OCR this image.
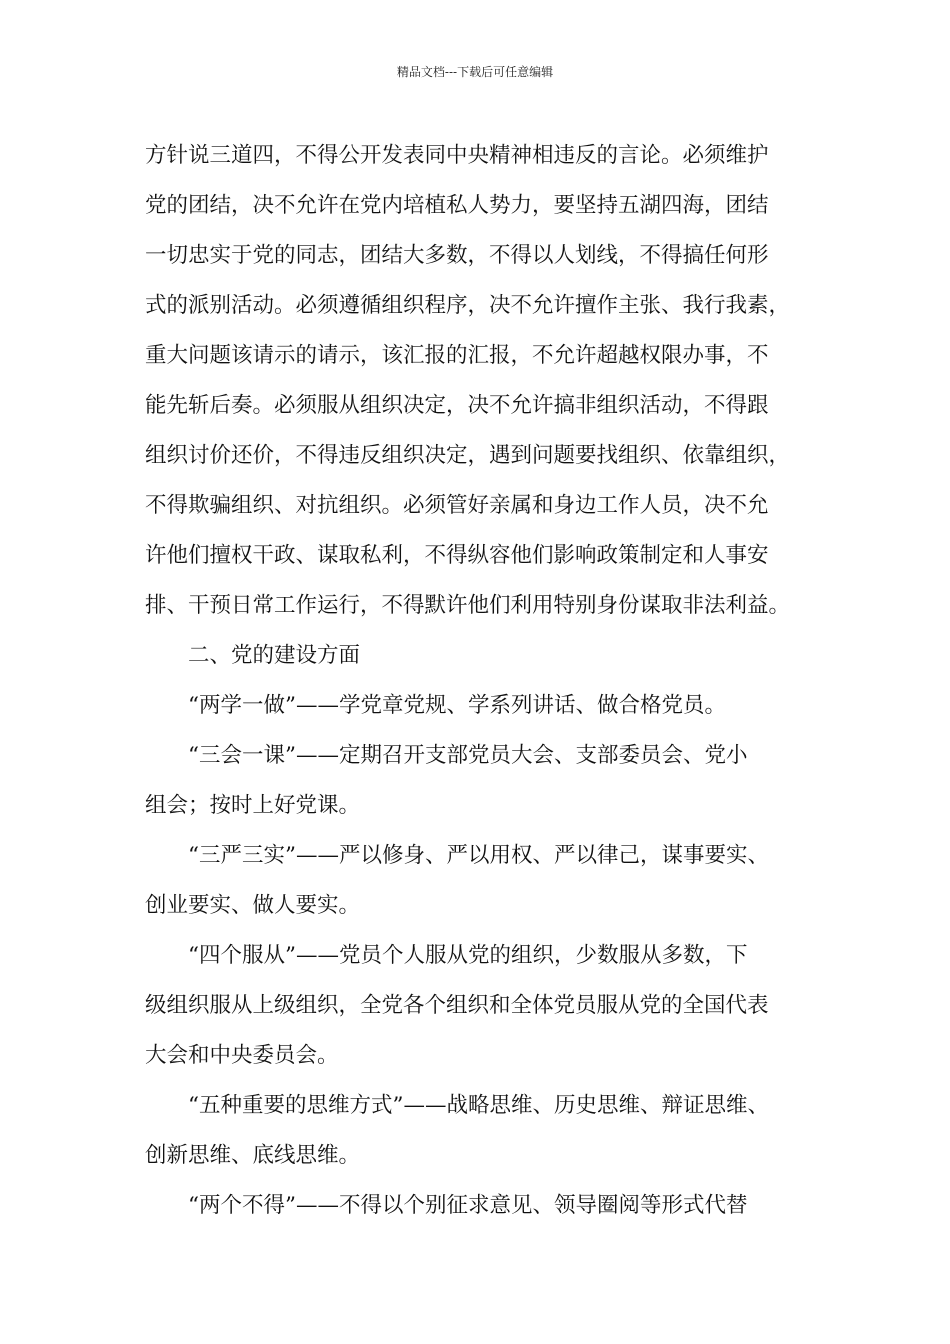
精品文档---下载后可任意编辑
方针说三道四，不得公开发表同中央精神相违反的言论。必须维护
党的团结，决不允许在党内培植私人势力，要坚持五湖四海，团结
一切忠实于党的同志，团结大多数，不得以人划线，不得搞任何形
式的派别活动。必须遵循组织程序，决不允许擅作主张、我行我素，
重大问题该请示的请示，该汇报的汇报，不允许超越权限办事，不
能先斩后奏。必须服从组织决定，决不允许搞非组织活动，不得跟
组织讨价还价，不得违反组织决定，遇到问题要找组织、依靠组织，
不得欺骗组织、对抗组织。必须管好亲属和身边工作人员，决不允
许他们擅权干政、谋取私利，不得纵容他们影响政策制定和人事安
排、干预日常工作运行，不得默许他们利用特别身份谋取非法利益。
二、党的建设方面
“两学一做”——学党章党规、学系列讲话、做合格党员。
“三会一课”——定期召开支部党员大会、支部委员会、党小
组会；按时上好党课。
“三严三实”——严以修身、严以用权、严以律己，谋事要实、
创业要实、做人要实。
“四个服从”——党员个人服从党的组织，少数服从多数，下
级组织服从上级组织，全党各个组织和全体党员服从党的全国代表
大会和中央委员会。
“五种重要的思维方式”——战略思维、历史思维、辩证思维、
创新思维、底线思维。
“两个不得”——不得以个别征求意见、领导圈阅等形式代替
